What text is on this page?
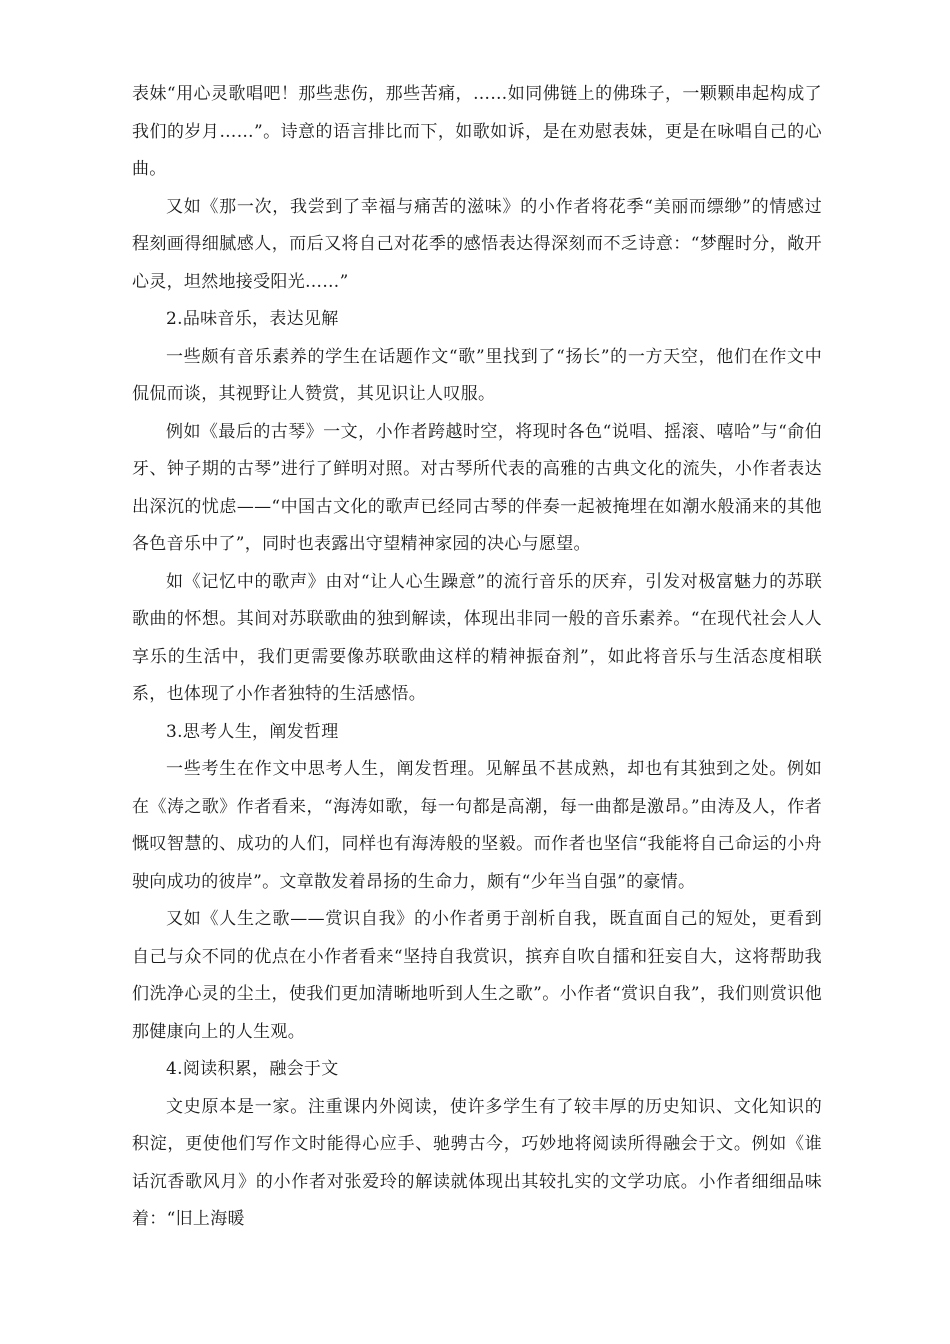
表妹“用心灵歌唱吧！那些悲伤，那些苦痛，……如同佛链上的佛珠子，一颗颗串起构成了我们的岁月……”。诗意的语言排比而下，如歌如诉，是在劝慰表妹，更是在咏唱自己的心曲。

又如《那一次，我尝到了幸福与痛苦的滋味》的小作者将花季“美丽而缥缈”的情感过程刻画得细腻感人，而后又将自己对花季的感悟表达得深刻而不乏诗意：“梦醒时分，敞开心灵，坦然地接受阳光……”

2.品味音乐，表达见解

一些颇有音乐素养的学生在话题作文“歌”里找到了“扬长”的一方天空，他们在作文中侃侃而谈，其视野让人赞赏，其见识让人叹服。

例如《最后的古琴》一文，小作者跨越时空，将现时各色“说唱、摇滚、嘻哈”与“俞伯牙、钟子期的古琴”进行了鲜明对照。对古琴所代表的高雅的古典文化的流失，小作者表达出深沉的忧虑——“中国古文化的歌声已经同古琴的伴奏一起被掩埋在如潮水般涌来的其他各色音乐中了”，同时也表露出守望精神家园的决心与愿望。

如《记忆中的歌声》由对“让人心生躁意”的流行音乐的厌弃，引发对极富魅力的苏联歌曲的怀想。其间对苏联歌曲的独到解读，体现出非同一般的音乐素养。“在现代社会人人享乐的生活中，我们更需要像苏联歌曲这样的精神振奋剂”，如此将音乐与生活态度相联系，也体现了小作者独特的生活感悟。

3.思考人生，阐发哲理

一些考生在作文中思考人生，阐发哲理。见解虽不甚成熟，却也有其独到之处。例如在《涛之歌》作者看来，“海涛如歌，每一句都是高潮，每一曲都是激昂。”由涛及人，作者慨叹智慧的、成功的人们，同样也有海涛般的坚毅。而作者也坚信“我能将自己命运的小舟驶向成功的彼岸”。文章散发着昂扬的生命力，颇有“少年当自强”的豪情。

又如《人生之歌——赏识自我》的小作者勇于剖析自我，既直面自己的短处，更看到自己与众不同的优点在小作者看来“坚持自我赏识，摈弃自吹自擂和狂妄自大，这将帮助我们洗净心灵的尘土，使我们更加清晰地听到人生之歌”。小作者“赏识自我”，我们则赏识他那健康向上的人生观。

4.阅读积累，融会于文

文史原本是一家。注重课内外阅读，使许多学生有了较丰厚的历史知识、文化知识的积淀，更使他们写作文时能得心应手、驰骋古今，巧妙地将阅读所得融会于文。例如《谁话沉香歌风月》的小作者对张爱玲的解读就体现出其较扎实的文学功底。小作者细细品味着：“旧上海暖
